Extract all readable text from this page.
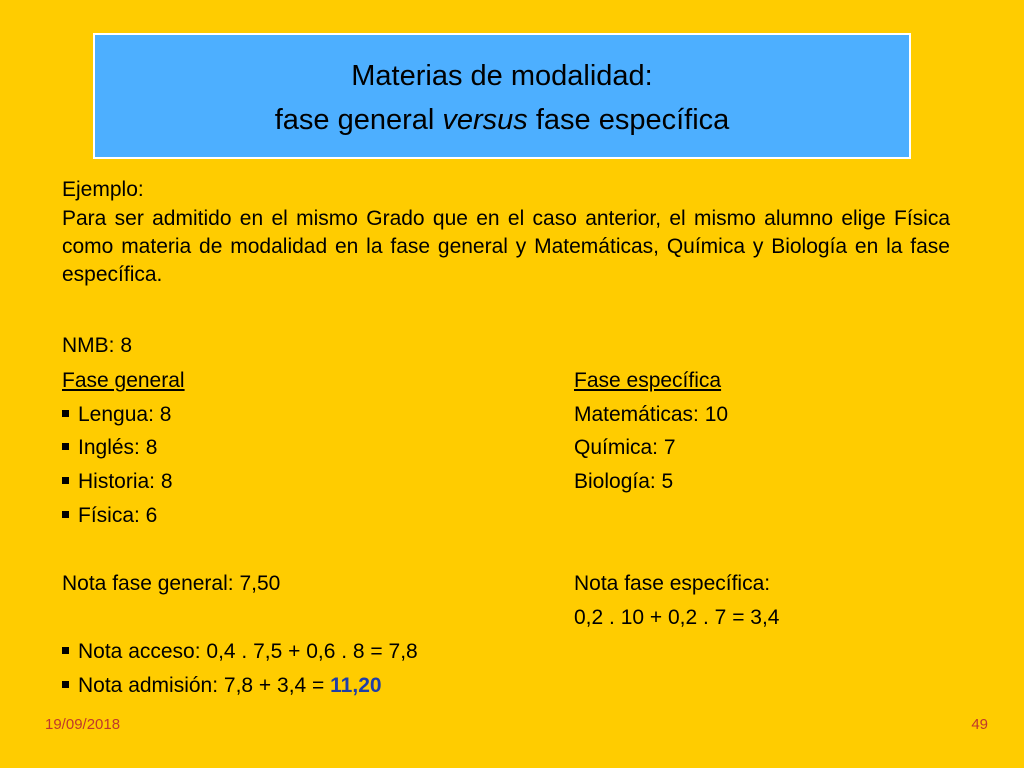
Materias de modalidad:
fase general versus fase específica
Ejemplo:
Para ser admitido en el mismo Grado que en el caso anterior, el mismo alumno elige Física como materia de modalidad en la fase general y Matemáticas, Química y Biología en la fase específica.
NMB: 8
Fase general	Fase específica
Lengua: 8	Matemáticas: 10
Inglés: 8	Química: 7
Historia: 8	Biología: 5
Física: 6
Nota fase general: 7,50	Nota fase específica:
0,2 . 10 + 0,2 . 7 = 3,4
Nota acceso: 0,4 . 7,5 + 0,6 . 8 = 7,8
Nota admisión: 7,8 + 3,4 = 11,20
19/09/2018	49
